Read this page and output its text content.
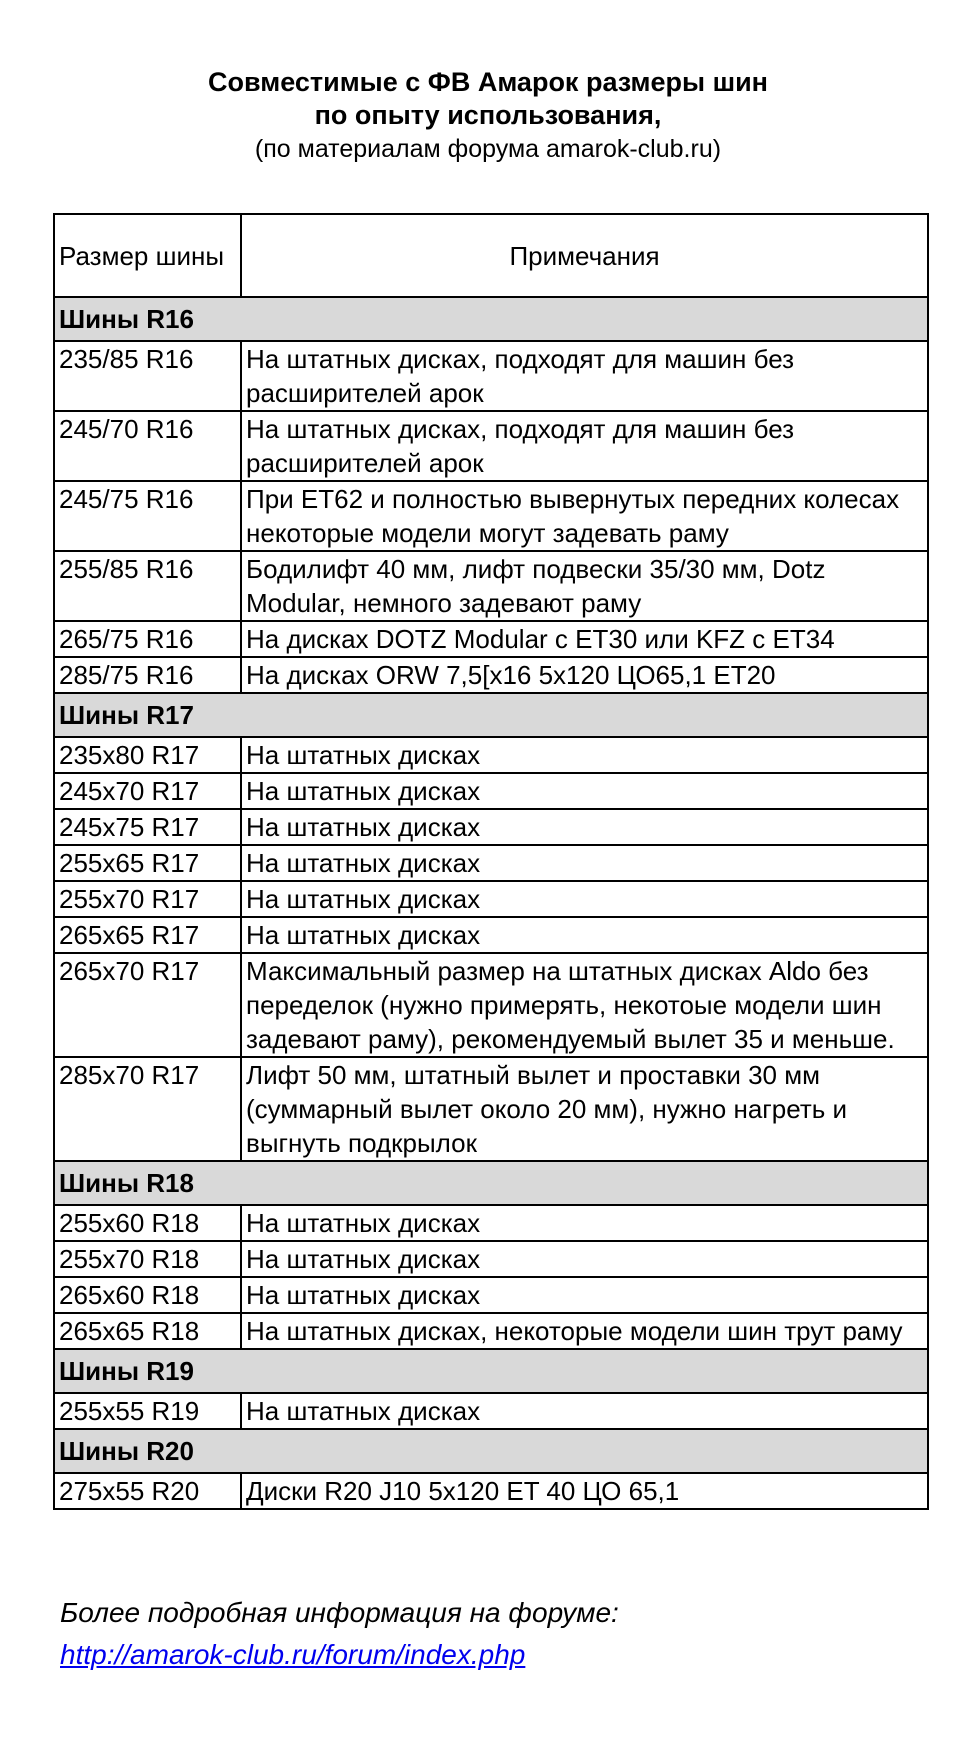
Совместимые с ФВ Амарок размеры шин
по опыту использования,
(по материалам форума amarok-club.ru)
Размер шины	Примечания
Шины R16	
235/85 R16	На штатных дисках, подходят для машин без расширителей арок
245/70 R16	На штатных дисках, подходят для машин без расширителей арок
245/75 R16	При ET62 и полностью вывернутых передних колесах некоторые модели могут задевать раму
255/85 R16	Бодилифт 40 мм, лифт подвески 35/30 мм, Dotz Modular, немного задевают раму
265/75 R16	На дисках DOTZ Modular с ET30 или KFZ с ET34
285/75 R16	На дисках ORW 7,5[x16 5x120 ЦО65,1 ET20
Шины R17	
235x80 R17	На штатных дисках
245x70 R17	На штатных дисках
245x75 R17	На штатных дисках
255x65 R17	На штатных дисках
255x70 R17	На штатных дисках
265x65 R17	На штатных дисках
265x70 R17	Максимальный размер на штатных дисках Aldo без переделок (нужно примерять, некотоые модели шин задевают раму), рекомендуемый вылет 35 и меньше.
285x70 R17	Лифт 50 мм, штатный вылет и проставки 30 мм (суммарный вылет около 20 мм), нужно нагреть и выгнуть подкрылок
Шины R18	
255x60 R18	На штатных дисках
255x70 R18	На штатных дисках
265x60 R18	На штатных дисках
265x65 R18	На штатных дисках, некоторые модели шин трут раму
Шины R19	
255x55 R19	На штатных дисках
Шины R20	
275x55 R20	Диски R20 J10 5x120 ET 40 ЦО 65,1
Более подробная информация на форуме:
http://amarok-club.ru/forum/index.php
